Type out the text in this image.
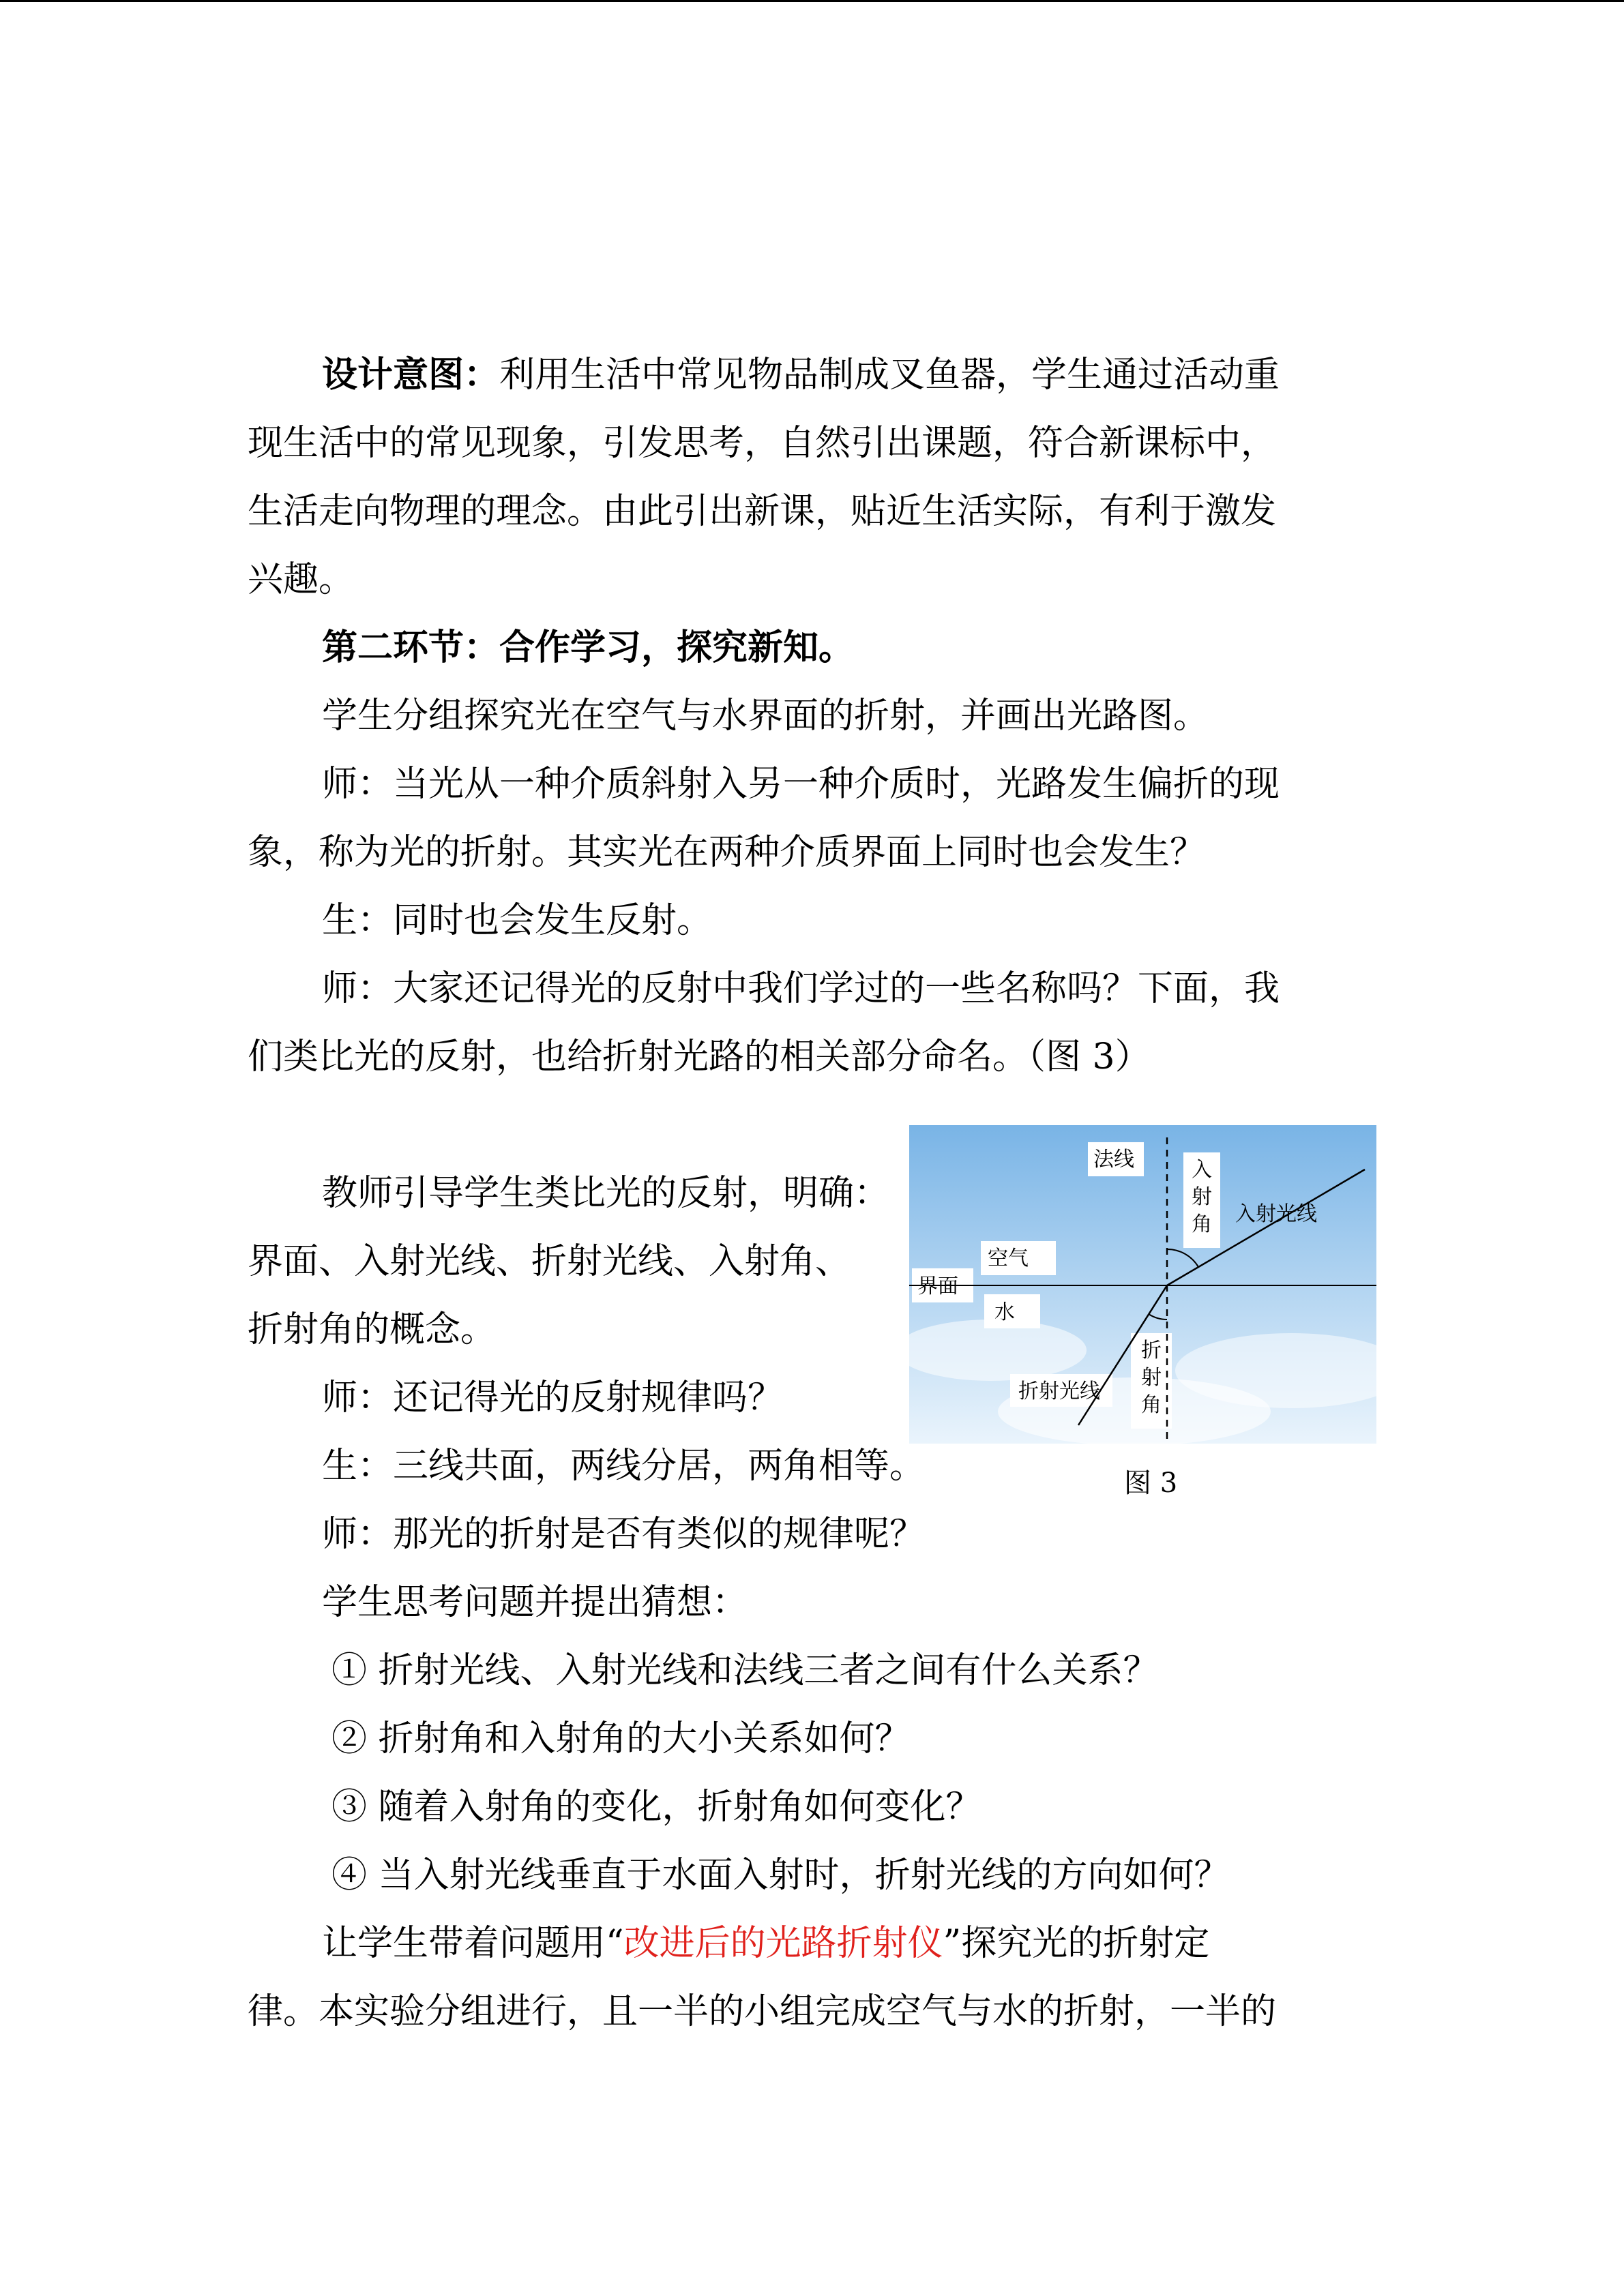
设计意图：利用生活中常见物品制成叉鱼器，学生通过活动重
现生活中的常见现象，引发思考，自然引出课题，符合新课标中，
生活走向物理的理念。由此引出新课，贴近生活实际，有利于激发
兴趣。
第二环节：合作学习，探究新知。
学生分组探究光在空气与水界面的折射，并画出光路图。
师：当光从一种介质斜射入另一种介质时，光路发生偏折的现
象，称为光的折射。其实光在两种介质界面上同时也会发生？
生：同时也会发生反射。
师：大家还记得光的反射中我们学过的一些名称吗？下面，我
们类比光的反射，也给折射光路的相关部分命名。（图 3）
教师引导学生类比光的反射，明确：
界面、入射光线、折射光线、入射角、
折射角的概念。
师：还记得光的反射规律吗？
生：三线共面，两线分居，两角相等。
法线	入
射
角 入射光线
空气
界面
水
折
射
角
折射光线
图 3
师：那光的折射是否有类似的规律呢？
学生思考问题并提出猜想：
① 折射光线、入射光线和法线三者之间有什么关系？
② 折射角和入射角的大小关系如何？
③ 随着入射角的变化，折射角如何变化？
④ 当入射光线垂直于水面入射时，折射光线的方向如何？
让学生带着问题用“改进后的光路折射仪”探究光的折射定
律。本实验分组进行，且一半的小组完成空气与水的折射，一半的
